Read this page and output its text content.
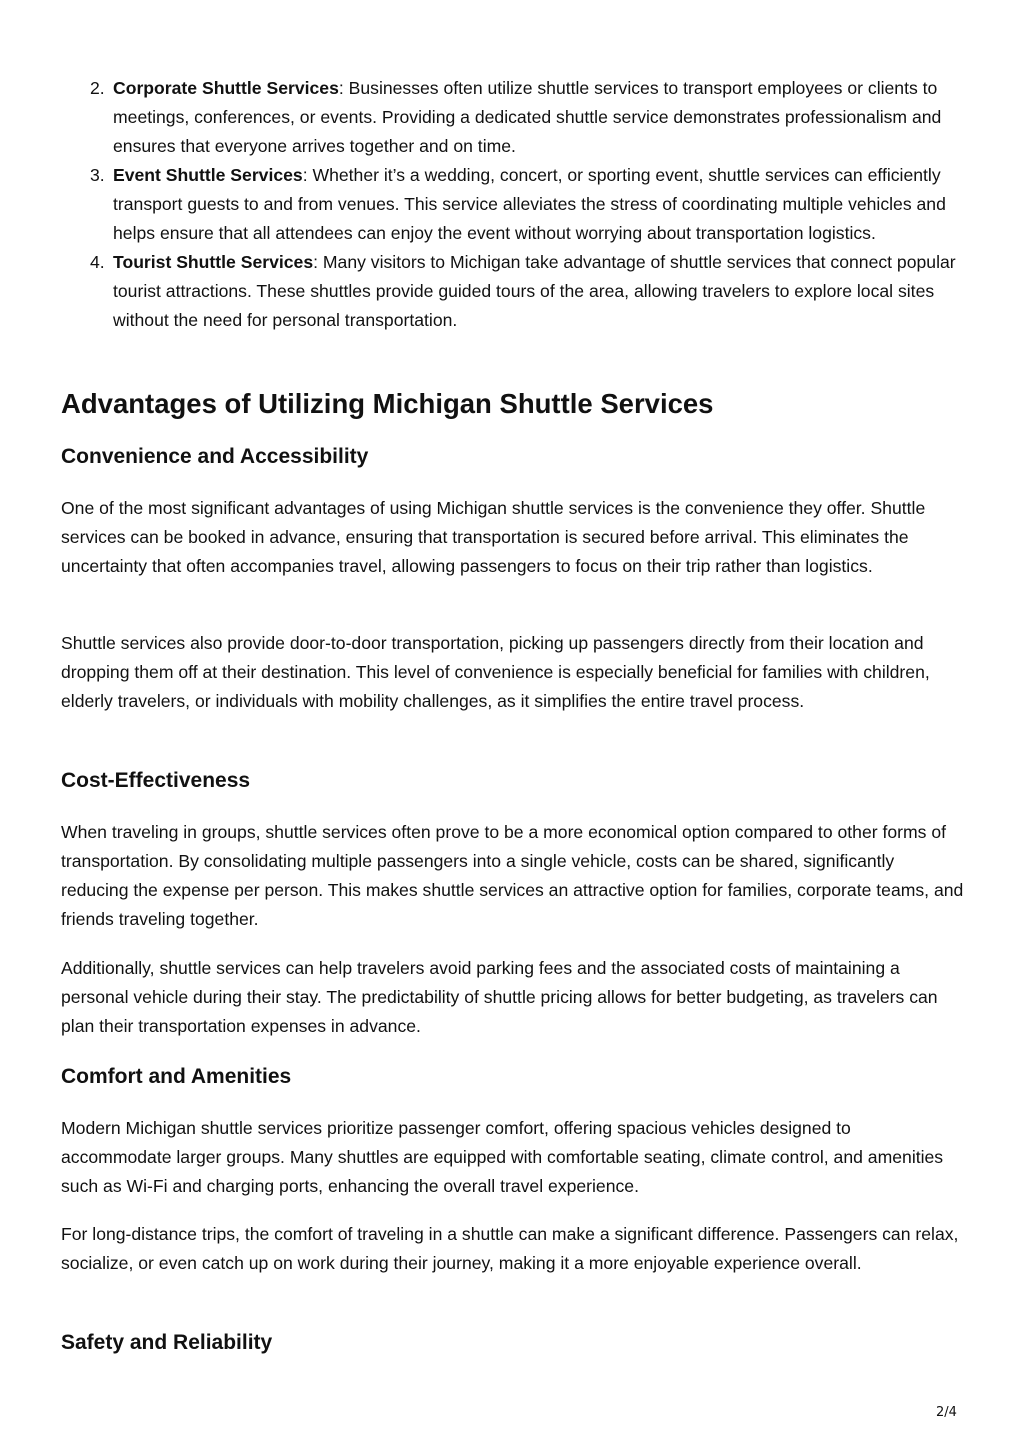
Corporate Shuttle Services: Businesses often utilize shuttle services to transport employees or clients to meetings, conferences, or events. Providing a dedicated shuttle service demonstrates professionalism and ensures that everyone arrives together and on time.
Event Shuttle Services: Whether it’s a wedding, concert, or sporting event, shuttle services can efficiently transport guests to and from venues. This service alleviates the stress of coordinating multiple vehicles and helps ensure that all attendees can enjoy the event without worrying about transportation logistics.
Tourist Shuttle Services: Many visitors to Michigan take advantage of shuttle services that connect popular tourist attractions. These shuttles provide guided tours of the area, allowing travelers to explore local sites without the need for personal transportation.
Advantages of Utilizing Michigan Shuttle Services
Convenience and Accessibility

One of the most significant advantages of using Michigan shuttle services is the convenience they offer. Shuttle services can be booked in advance, ensuring that transportation is secured before arrival. This eliminates the uncertainty that often accompanies travel, allowing passengers to focus on their trip rather than logistics.

Shuttle services also provide door-to-door transportation, picking up passengers directly from their location and dropping them off at their destination. This level of convenience is especially beneficial for families with children, elderly travelers, or individuals with mobility challenges, as it simplifies the entire travel process.

Cost-Effectiveness

When traveling in groups, shuttle services often prove to be a more economical option compared to other forms of transportation. By consolidating multiple passengers into a single vehicle, costs can be shared, significantly reducing the expense per person. This makes shuttle services an attractive option for families, corporate teams, and friends traveling together.

Additionally, shuttle services can help travelers avoid parking fees and the associated costs of maintaining a personal vehicle during their stay. The predictability of shuttle pricing allows for better budgeting, as travelers can plan their transportation expenses in advance.

Comfort and Amenities

Modern Michigan shuttle services prioritize passenger comfort, offering spacious vehicles designed to accommodate larger groups. Many shuttles are equipped with comfortable seating, climate control, and amenities such as Wi-Fi and charging ports, enhancing the overall travel experience.

For long-distance trips, the comfort of traveling in a shuttle can make a significant difference. Passengers can relax, socialize, or even catch up on work during their journey, making it a more enjoyable experience overall.

Safety and Reliability
2/4
